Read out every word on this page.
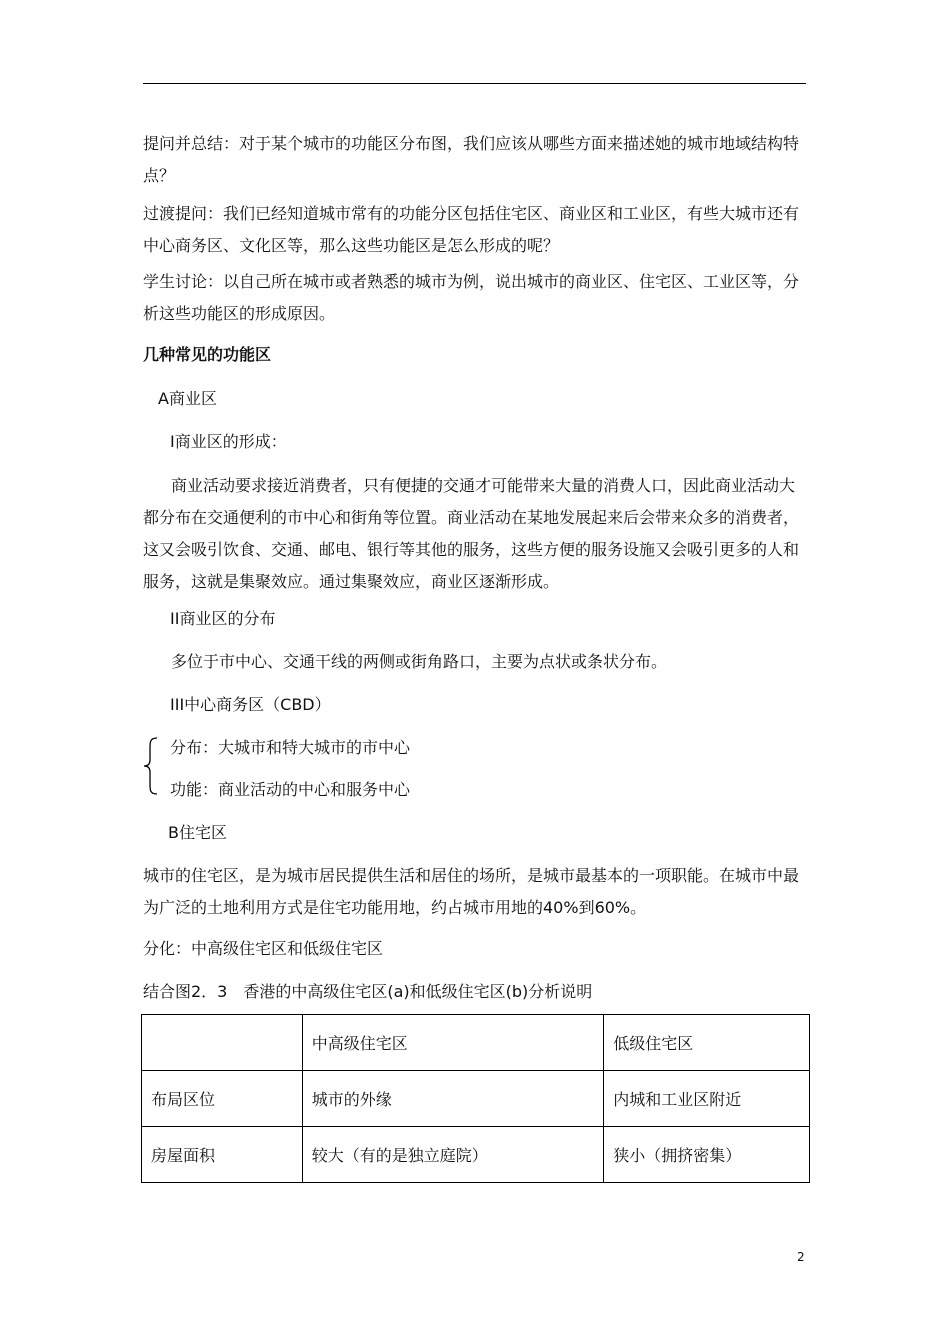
提问并总结：对于某个城市的功能区分布图，我们应该从哪些方面来描述她的城市地域结构特点？

过渡提问：我们已经知道城市常有的功能分区包括住宅区、商业区和工业区，有些大城市还有中心商务区、文化区等，那么这些功能区是怎么形成的呢？

学生讨论：以自己所在城市或者熟悉的城市为例，说出城市的商业区、住宅区、工业区等，分析这些功能区的形成原因。

几种常见的功能区
A商业区
I商业区的形成：

商业活动要求接近消费者，只有便捷的交通才可能带来大量的消费人口，因此商业活动大都分布在交通便利的市中心和街角等位置。商业活动在某地发展起来后会带来众多的消费者，这又会吸引饮食、交通、邮电、银行等其他的服务，这些方便的服务设施又会吸引更多的人和服务，这就是集聚效应。通过集聚效应，商业区逐渐形成。

II商业区的分布
多位于市中心、交通干线的两侧或街角路口，主要为点状或条状分布。
III中心商务区（CBD）
分布：大城市和特大城市的市中心
功能：商业活动的中心和服务中心
B住宅区

城市的住宅区，是为城市居民提供生活和居住的场所，是城市最基本的一项职能。在城市中最为广泛的土地利用方式是住宅功能用地，约占城市用地的40%到60%。

分化：中高级住宅区和低级住宅区
结合图2．3　香港的中高级住宅区(a)和低级住宅区(b)分析说明
	中高级住宅区	低级住宅区
布局区位	城市的外缘	内城和工业区附近
房屋面积	较大（有的是独立庭院）	狭小（拥挤密集）
2
